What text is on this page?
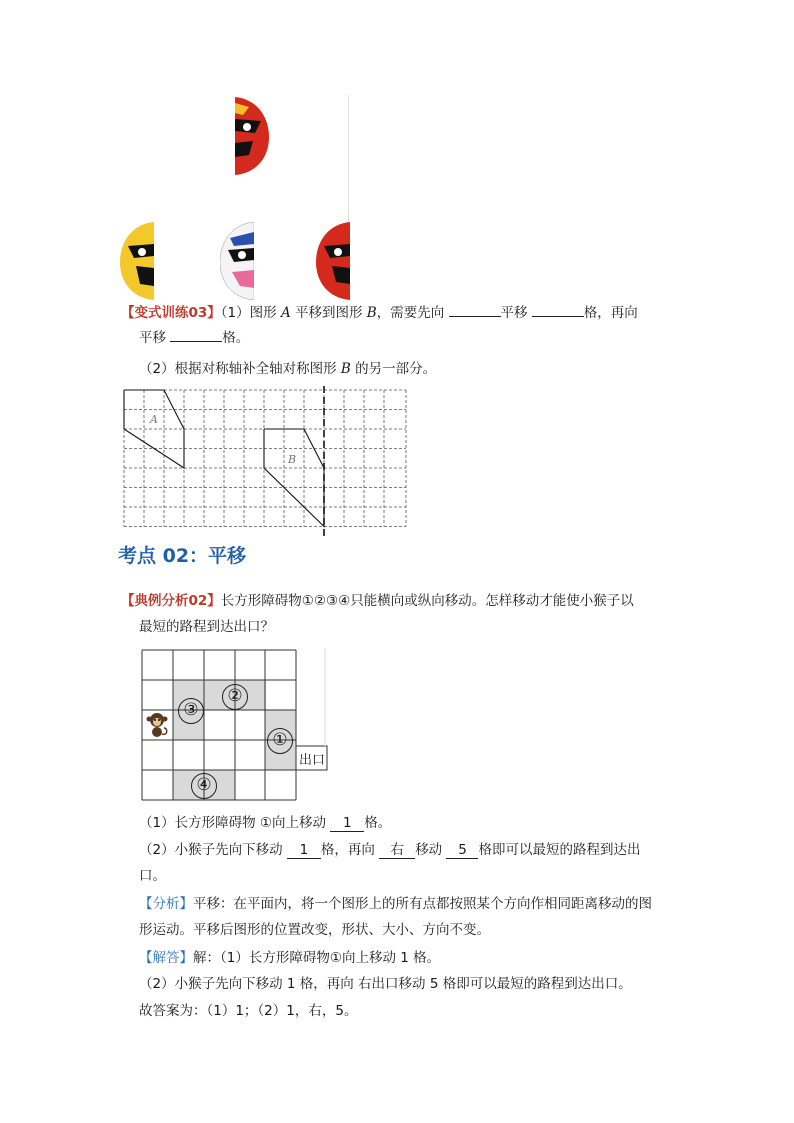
【变式训练03】（1）图形 A 平移到图形 B，需要先向	平移	格，再向
平移	格。
（2）根据对称轴补全轴对称图形 B 的另一部分。
A
B
考点 02：平移
【典例分析02】长方形障碍物①②③④只能横向或纵向移动。怎样移动才能使小猴子以
最短的路程到达出口？
③
②
①
④
出口
（1）长方形障碍物 ①向上移动 1 格。
（2）小猴子先向下移动 1 格，再向 右 移动 5 格即可以最短的路程到达出
口。
【分析】平移：在平面内，将一个图形上的所有点都按照某个方向作相同距离移动的图
形运动。平移后图形的位置改变，形状、大小、方向不变。
【解答】解：（1）长方形障碍物①向上移动 1 格。
（2）小猴子先向下移动 1 格，再向 右出口移动 5 格即可以最短的路程到达出口。
故答案为：（1）1；（2）1，右，5。
